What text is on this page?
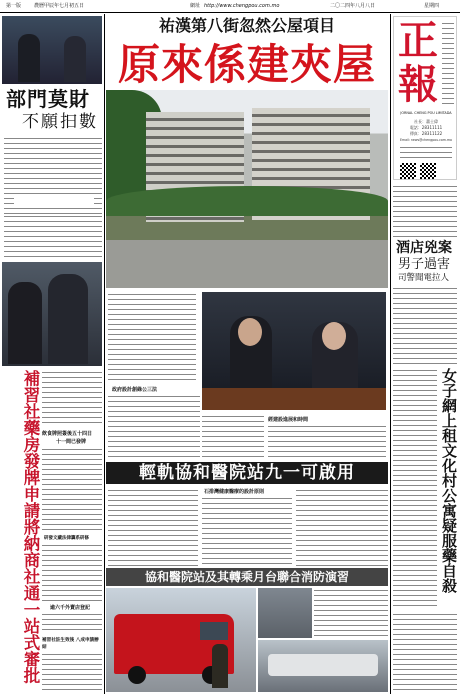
第一版	農曆甲辰年七月初五日	網址 http://www.chengpou.com.mo	二〇二四年八月八日	星期四
部門莫財
不願抇數
補習社藥房發牌申請將納商社通一站式審批 飲食牌照簽後五十四日
十一間已發牌
研發文藏法律籌系研修
逾六千外賣店登記
補習社註生效後 八成申請辦結
祐漢第八街忽然公屋項目
原來係建夾屋
政府設計創綠公三法
經建設進展和時間
輕軌協和醫院站九一可啟用
石排灣健康醫療的設計原則
協和醫院站及其轉乘月台聯合消防演習
正
報
JORNAL CHENG POU LIMITADA
社長：蕭士偉
電話：28311111
傳真：28311122
Email: news@chengpou.com.mo
酒店兇案
男子過害
司警聞電拉人
女子網上租文化村公寓疑服藥自殺
